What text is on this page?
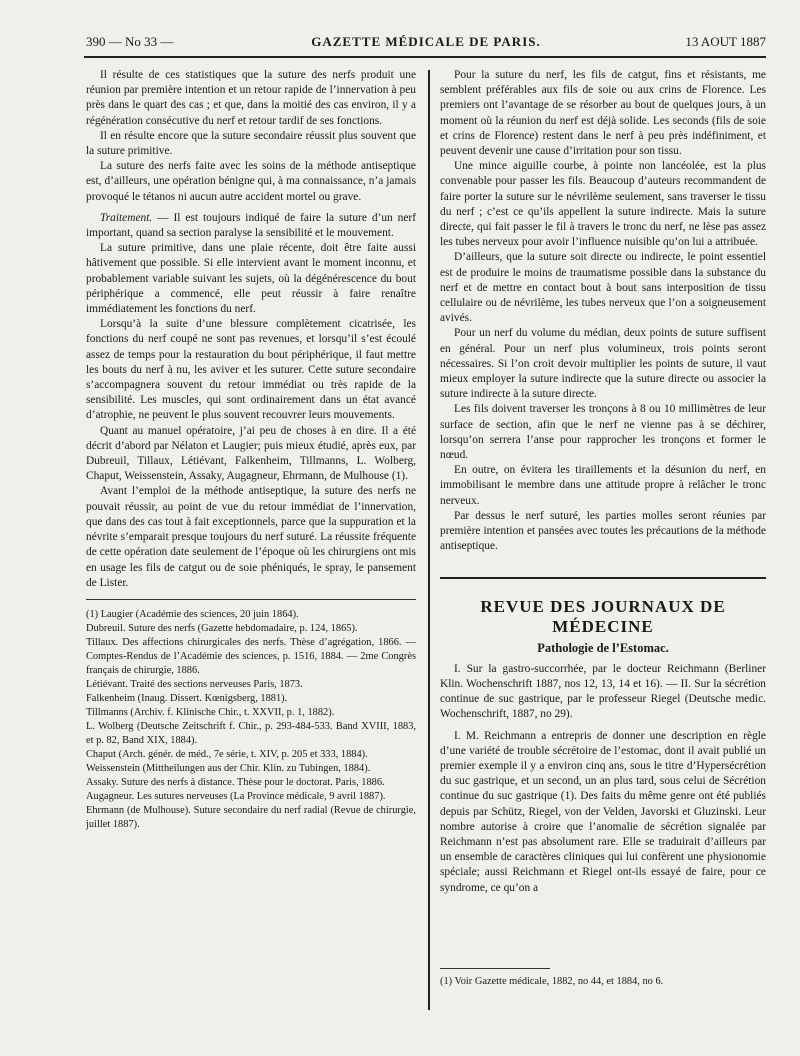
390 — No 33 —	GAZETTE MÉDICALE DE PARIS.	13 AOUT 1887

Il résulte de ces statistiques que la suture des nerfs produit une réunion par première intention et un retour rapide de l’innervation à peu près dans le quart des cas ; et que, dans la moitié des cas environ, il y a régénération consécutive du nerf et retour tardif de ses fonctions.

Il en résulte encore que la suture secondaire réussit plus souvent que la suture primitive.

La suture des nerfs faite avec les soins de la méthode antiseptique est, d’ailleurs, une opération bénigne qui, à ma connaissance, n’a jamais provoqué le tétanos ni aucun autre accident mortel ou grave.

Traitement. — Il est toujours indiqué de faire la suture d’un nerf important, quand sa section paralyse la sensibilité et le mouvement.

La suture primitive, dans une plaie récente, doit être faite aussi hâtivement que possible. Si elle intervient avant le moment inconnu, et probablement variable suivant les sujets, où la dégénérescence du bout périphérique a commencé, elle peut réussir à faire renaître immédiatement les fonctions du nerf.

Lorsqu’à la suite d’une blessure complètement cicatrisée, les fonctions du nerf coupé ne sont pas revenues, et lorsqu’il s’est écoulé assez de temps pour la restauration du bout périphérique, il faut mettre les bouts du nerf à nu, les aviver et les suturer. Cette suture secondaire s’accompagnera souvent du retour immédiat ou très rapide de la sensibilité. Les muscles, qui sont ordinairement dans un état avancé d’atrophie, ne peuvent le plus souvent recouvrer leurs mouvements.

Quant au manuel opératoire, j’ai peu de choses à en dire. Il a été décrit d’abord par Nélaton et Laugier; puis mieux étudié, après eux, par Dubreuil, Tillaux, Létiévant, Falkenheim, Tillmanns, L. Wolberg, Chaput, Weissenstein, Assaky, Augagneur, Ehrmann, de Mulhouse (1).

Avant l’emploi de la méthode antiseptique, la suture des nerfs ne pouvait réussir, au point de vue du retour immédiat de l’innervation, que dans des cas tout à fait exceptionnels, parce que la suppuration et la névrite s’emparait presque toujours du nerf suturé. La réussite fréquente de cette opération date seulement de l’époque où les chirurgiens ont mis en usage les fils de catgut ou de soie phéniqués, le spray, le pansement de Lister.

(1) Laugier (Académie des sciences, 20 juin 1864).

Dubreuil. Suture des nerfs (Gazette hebdomadaire, p. 124, 1865).

Tillaux. Des affections chirurgicales des nerfs. Thèse d’agrégation, 1866. — Comptes-Rendus de l’Académie des sciences, p. 1516, 1884. — 2me Congrès français de chirurgie, 1886.

Létiévant. Traité des sections nerveuses Paris, 1873.

Falkenheim (Inaug. Dissert. Kœnigsberg, 1881).

Tillmanns (Archiv. f. Klinische Chir., t. XXVII, p. 1, 1882).

L. Wolberg (Deutsche Zeitschrift f. Chir., p. 293-484-533. Band XVIII, 1883, et p. 82, Band XIX, 1884).

Chaput (Arch. génér. de méd., 7e série, t. XIV, p. 205 et 333, 1884).

Weissenstein (Mittheilungen aus der Chir. Klin. zu Tubingen, 1884).

Assaky. Suture des nerfs à distance. Thèse pour le doctorat. Paris, 1886.

Augagneur. Les sutures nerveuses (La Province médicale, 9 avril 1887).

Ehrmann (de Mulhouse). Suture secondaire du nerf radial (Revue de chirurgie, juillet 1887).

Pour la suture du nerf, les fils de catgut, fins et résistants, me semblent préférables aux fils de soie ou aux crins de Florence. Les premiers ont l’avantage de se résorber au bout de quelques jours, à un moment où la réunion du nerf est déjà solide. Les seconds (fils de soie et crins de Florence) restent dans le nerf à peu près indéfiniment, et peuvent devenir une cause d’irritation pour son tissu.

Une mince aiguille courbe, à pointe non lancéolée, est la plus convenable pour passer les fils. Beaucoup d’auteurs recommandent de faire porter la suture sur le névrilème seulement, sans traverser le tissu du nerf ; c’est ce qu’ils appellent la suture indirecte. Mais la suture directe, qui fait passer le fil à travers le tronc du nerf, ne lèse pas assez les tubes nerveux pour avoir l’influence nuisible qu’on lui a attribuée.

D’ailleurs, que la suture soit directe ou indirecte, le point essentiel est de produire le moins de traumatisme possible dans la substance du nerf et de mettre en contact bout à bout sans interposition de tissu cellulaire ou de névrilème, les tubes nerveux que l’on a soigneusement avivés.

Pour un nerf du volume du médian, deux points de suture suffisent en général. Pour un nerf plus volumineux, trois points seront nécessaires. Si l’on croit devoir multiplier les points de suture, il vaut mieux employer la suture indirecte que la suture directe ou associer la suture indirecte à la suture directe.

Les fils doivent traverser les tronçons à 8 ou 10 millimètres de leur surface de section, afin que le nerf ne vienne pas à se déchirer, lorsqu’on serrera l’anse pour rapprocher les tronçons et former le nœud.

En outre, on évitera les tiraillements et la désunion du nerf, en immobilisant le membre dans une attitude propre à relâcher le tronc nerveux.

Par dessus le nerf suturé, les parties molles seront réunies par première intention et pansées avec toutes les précautions de la méthode antiseptique.

REVUE DES JOURNAUX DE MÉDECINE
Pathologie de l’Estomac.

I. Sur la gastro-succorrhée, par le docteur Reichmann (Berliner Klin. Wochenschrift 1887, nos 12, 13, 14 et 16). — II. Sur la sécrétion continue de suc gastrique, par le professeur Riegel (Deutsche medic. Wochenschrift, 1887, no 29).

I. M. Reichmann a entrepris de donner une description en règle d’une variété de trouble sécrétoire de l’estomac, dont il avait publié un premier exemple il y a environ cinq ans, sous le titre d’Hypersécrétion du suc gastrique, et un second, un an plus tard, sous celui de Sécrétion continue du suc gastrique (1). Des faits du même genre ont été publiés depuis par Schütz, Riegel, von der Velden, Javorski et Gluzinski. Leur nombre autorise à croire que l’anomalie de sécrétion signalée par Reichmann n’est pas absolument rare. Elle se traduirait d’ailleurs par un ensemble de caractères cliniques qui lui confèrent une physionomie spéciale; aussi Reichmann et Riegel ont-ils essayé de faire, pour ce syndrome, ce qu’on a

(1) Voir Gazette médicale, 1882, no 44, et 1884, no 6.
